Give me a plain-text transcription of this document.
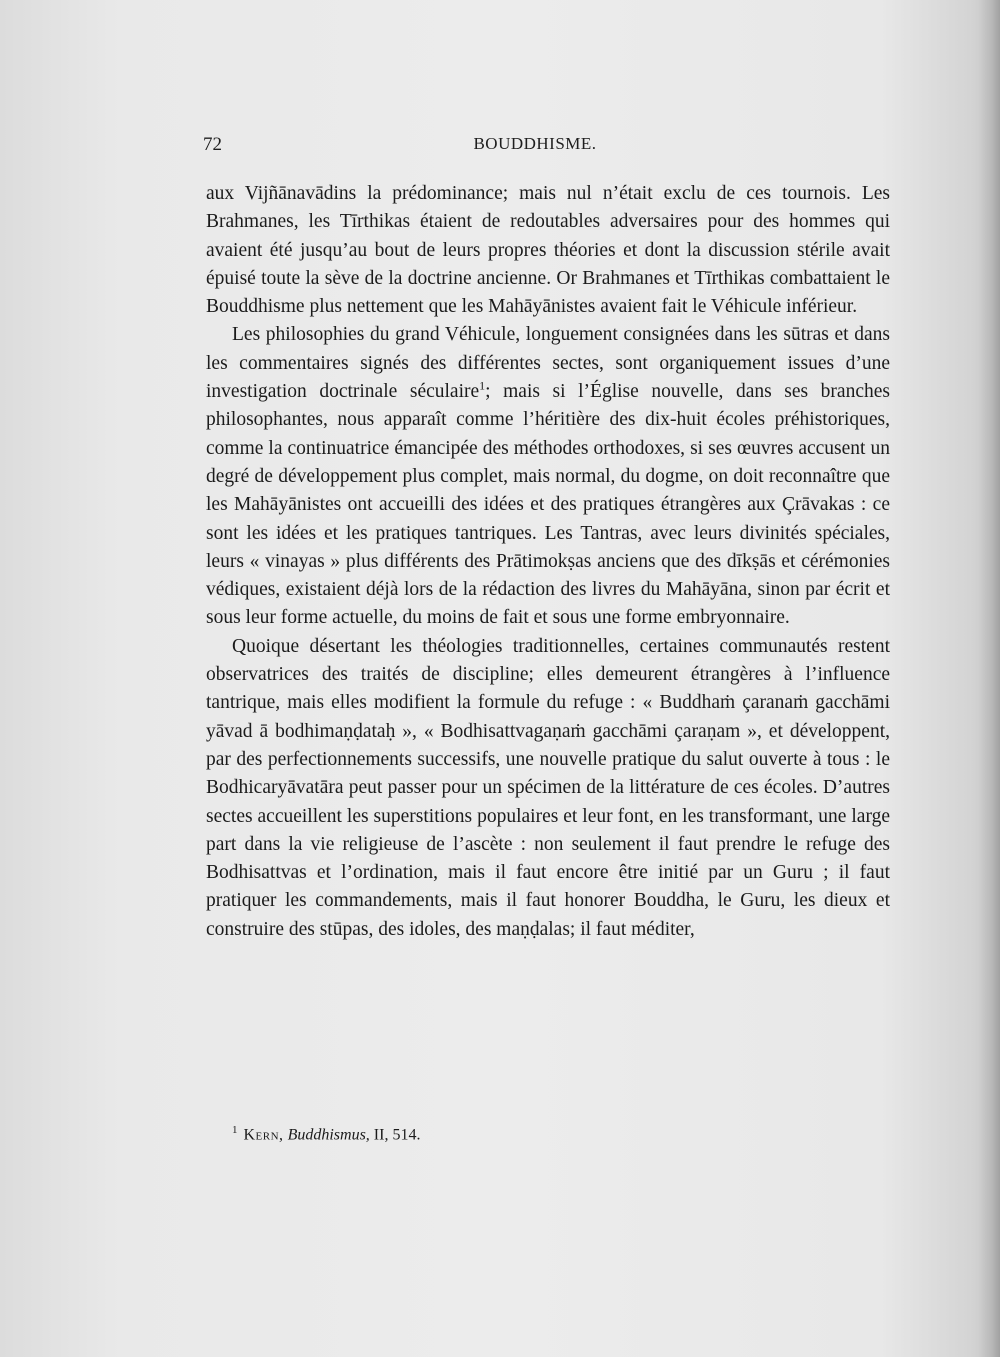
72	BOUDDHISME.

aux Vijñānavādins la prédominance; mais nul n’était exclu de ces tournois. Les Brahmanes, les Tīrthikas étaient de redoutables adversaires pour des hommes qui avaient été jusqu’au bout de leurs propres théories et dont la discussion stérile avait épuisé toute la sève de la doctrine ancienne. Or Brahmanes et Tīrthikas combattaient le Bouddhisme plus nettement que les Mahāyānistes avaient fait le Véhicule inférieur.

Les philosophies du grand Véhicule, longuement consignées dans les sūtras et dans les commentaires signés des différentes sectes, sont organiquement issues d’une investigation doctrinale séculaire$^1$; mais si l’Église nouvelle, dans ses branches philosophantes, nous apparaît comme l’héritière des dix-huit écoles préhistoriques, comme la continuatrice émancipée des méthodes orthodoxes, si ses œuvres accusent un degré de développement plus complet, mais normal, du dogme, on doit reconnaître que les Mahāyānistes ont accueilli des idées et des pratiques étrangères aux Çrāvakas : ce sont les idées et les pratiques tantriques. Les Tantras, avec leurs divinités spéciales, leurs « vinayas » plus différents des Prātimokṣas anciens que des dīkṣās et cérémonies védiques, existaient déjà lors de la rédaction des livres du Mahāyāna, sinon par écrit et sous leur forme actuelle, du moins de fait et sous une forme embryonnaire.

Quoique désertant les théologies traditionnelles, certaines communautés restent observatrices des traités de discipline; elles demeurent étrangères à l’influence tantrique, mais elles modifient la formule du refuge : « Buddhaṁ çaranaṁ gacchāmi yāvad ā bodhimaṇḍataḥ », « Bodhisattvagaṇaṁ gacchāmi çaraṇam », et développent, par des perfectionnements successifs, une nouvelle pratique du salut ouverte à tous : le Bodhicaryāvatāra peut passer pour un spécimen de la littérature de ces écoles. D’autres sectes accueillent les superstitions populaires et leur font, en les transformant, une large part dans la vie religieuse de l’ascète : non seulement il faut prendre le refuge des Bodhisattvas et l’ordination, mais il faut encore être initié par un Guru ; il faut pratiquer les commandements, mais il faut honorer Bouddha, le Guru, les dieux et construire des stūpas, des idoles, des maṇḍalas; il faut méditer,

$^1$ Kern, Buddhismus, II, 514.
